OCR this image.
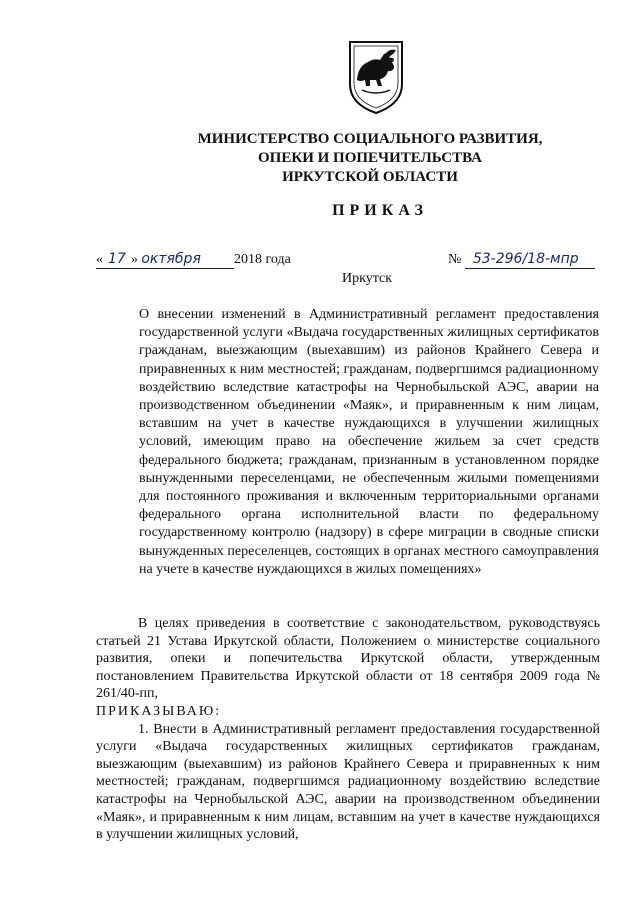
МИНИСТЕРСТВО СОЦИАЛЬНОГО РАЗВИТИЯ,
ОПЕКИ И ПОПЕЧИТЕЛЬСТВА
ИРКУТСКОЙ ОБЛАСТИ
ПРИКАЗ
« 17 » октября 2018 года	№ 53-296/18-мпр
Иркутск

О внесении изменений в Административный регламент предоставления государственной услуги «Выдача государственных жилищных сертификатов гражданам, выезжающим (выехавшим) из районов Крайнего Севера и приравненных к ним местностей; гражданам, подвергшимся радиационному воздействию вследствие катастрофы на Чернобыльской АЭС, аварии на производственном объединении «Маяк», и приравненным к ним лицам, вставшим на учет в качестве нуждающихся в улучшении жилищных условий, имеющим право на обеспечение жильем за счет средств федерального бюджета; гражданам, признанным в установленном порядке вынужденными переселенцами, не обеспеченным жилыми помещениями для постоянного проживания и включенным территориальными органами федерального органа исполнительной власти по федеральному государственному контролю (надзору) в сфере миграции в сводные списки вынужденных переселенцев, состоящих в органах местного самоуправления на учете в качестве нуждающихся в жилых помещениях»

В целях приведения в соответствие с законодательством, руководствуясь статьей 21 Устава Иркутской области, Положением о министерстве социального развития, опеки и попечительства Иркутской области, утвержденным постановлением Правительства Иркутской области от 18 сентября 2009 года № 261/40-пп,

ПРИКАЗЫВАЮ:

1. Внести в Административный регламент предоставления государственной услуги «Выдача государственных жилищных сертификатов гражданам, выезжающим (выехавшим) из районов Крайнего Севера и приравненных к ним местностей; гражданам, подвергшимся радиационному воздействию вследствие катастрофы на Чернобыльской АЭС, аварии на производственном объединении «Маяк», и приравненным к ним лицам, вставшим на учет в качестве нуждающихся в улучшении жилищных условий,
